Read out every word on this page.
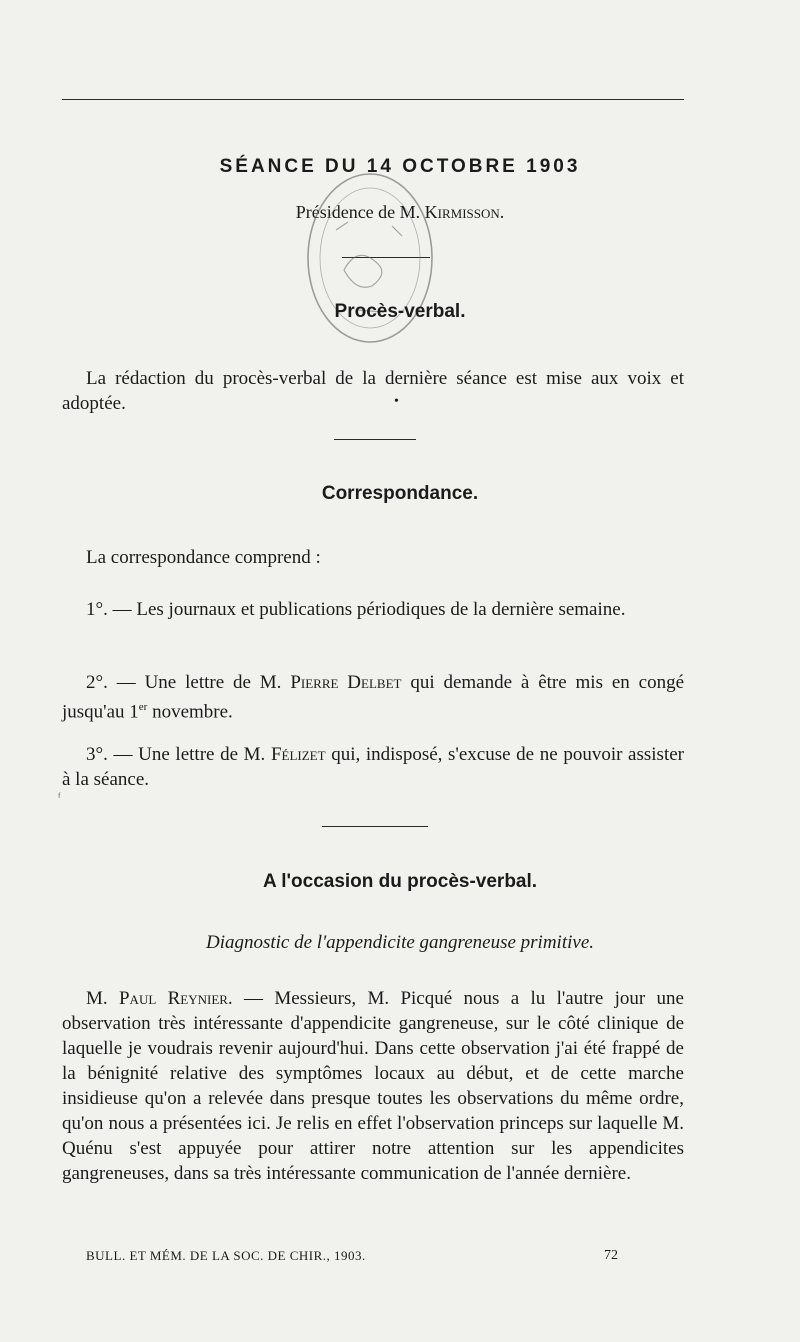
SÉANCE DU 14 OCTOBRE 1903
Présidence de M. Kirmisson.
Procès-verbal.
La rédaction du procès-verbal de la dernière séance est mise aux voix et adoptée.	•
Correspondance.
La correspondance comprend :
1°. — Les journaux et publications périodiques de la dernière semaine.
2°. — Une lettre de M. Pierre Delbet qui demande à être mis en congé jusqu'au 1er novembre.
3°. — Une lettre de M. Félizet qui, indisposé, s'excuse de ne pouvoir assister à la séance.
ᶠ
A l'occasion du procès-verbal.
Diagnostic de l'appendicite gangreneuse primitive.
M. Paul Reynier. — Messieurs, M. Picqué nous a lu l'autre jour une observation très intéressante d'appendicite gangreneuse, sur le côté clinique de laquelle je voudrais revenir aujourd'hui. Dans cette observation j'ai été frappé de la bénignité relative des symptômes locaux au début, et de cette marche insidieuse qu'on a relevée dans presque toutes les observations du même ordre, qu'on nous a présentées ici. Je relis en effet l'observation princeps sur laquelle M. Quénu s'est appuyée pour attirer notre attention sur les appendicites gangreneuses, dans sa très intéressante communication de l'année dernière.
BULL. ET MÉM. DE LA SOC. DE CHIR., 1903.	72
